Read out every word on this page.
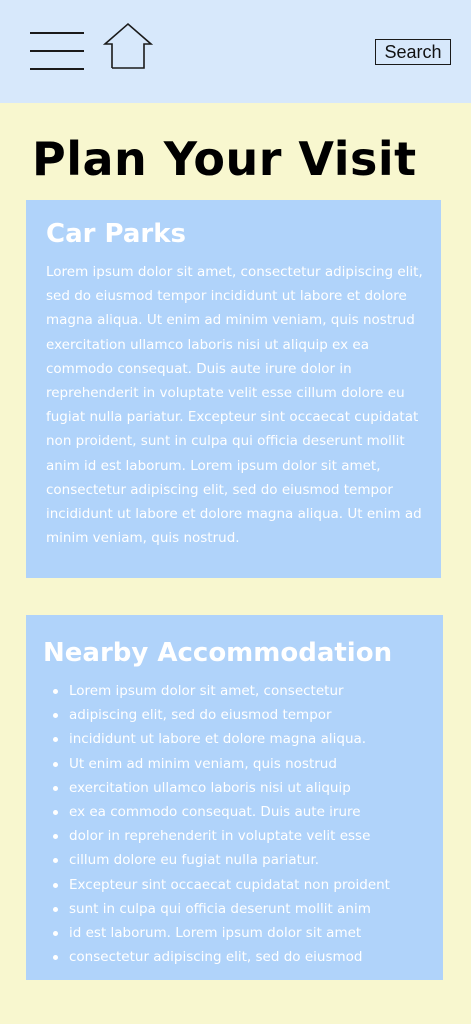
Search
Plan Your Visit
Car Parks

Lorem ipsum dolor sit amet, consectetur adipiscing elit, sed do eiusmod tempor incididunt ut labore et dolore magna aliqua. Ut enim ad minim veniam, quis nostrud exercitation ullamco laboris nisi ut aliquip ex ea commodo consequat. Duis aute irure dolor in reprehenderit in voluptate velit esse cillum dolore eu fugiat nulla pariatur. Excepteur sint occaecat cupidatat non proident, sunt in culpa qui officia deserunt mollit anim id est laborum. Lorem ipsum dolor sit amet, consectetur adipiscing elit, sed do eiusmod tempor incididunt ut labore et dolore magna aliqua. Ut enim ad minim veniam, quis nostrud.

Nearby Accommodation
Lorem ipsum dolor sit amet, consectetur
adipiscing elit, sed do eiusmod tempor
incididunt ut labore et dolore magna aliqua.
Ut enim ad minim veniam, quis nostrud
exercitation ullamco laboris nisi ut aliquip
ex ea commodo consequat. Duis aute irure
dolor in reprehenderit in voluptate velit esse
cillum dolore eu fugiat nulla pariatur.
Excepteur sint occaecat cupidatat non proident
sunt in culpa qui officia deserunt mollit anim
id est laborum. Lorem ipsum dolor sit amet
consectetur adipiscing elit, sed do eiusmod
